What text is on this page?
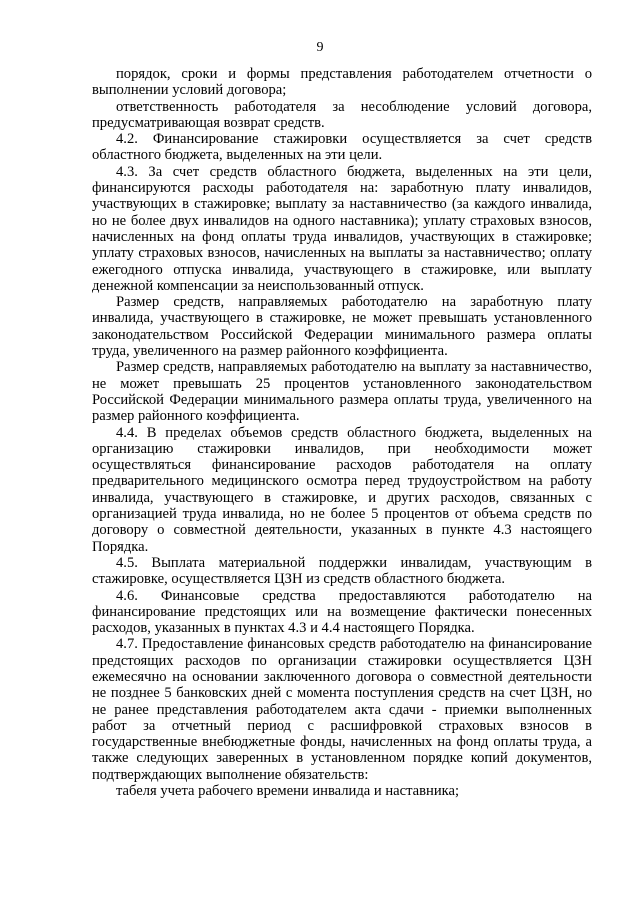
9

порядок, сроки и формы представления работодателем отчетности о выполнении условий договора;

ответственность работодателя за несоблюдение условий договора, предусматривающая возврат средств.

4.2. Финансирование стажировки осуществляется за счет средств областного бюджета, выделенных на эти цели.

4.3. За счет средств областного бюджета, выделенных на эти цели, финансируются расходы работодателя на: заработную плату инвалидов, участвующих в стажировке; выплату за наставничество (за каждого инвалида, но не более двух инвалидов на одного наставника); уплату страховых взносов, начисленных на фонд оплаты труда инвалидов, участвующих в стажировке; уплату страховых взносов, начисленных на выплаты за наставничество; оплату ежегодного отпуска инвалида, участвующего в стажировке, или выплату денежной компенсации за неиспользованный отпуск.

Размер средств, направляемых работодателю на заработную плату инвалида, участвующего в стажировке, не может превышать установленного законодательством Российской Федерации минимального размера оплаты труда, увеличенного на размер районного коэффициента.

Размер средств, направляемых работодателю на выплату за наставничество, не может превышать 25 процентов установленного законодательством Российской Федерации минимального размера оплаты труда, увеличенного на размер районного коэффициента.

4.4. В пределах объемов средств областного бюджета, выделенных на организацию стажировки инвалидов, при необходимости может осуществляться финансирование расходов работодателя на оплату предварительного медицинского осмотра перед трудоустройством на работу инвалида, участвующего в стажировке, и других расходов, связанных с организацией труда инвалида, но не более 5 процентов от объема средств по договору о совместной деятельности, указанных в пункте 4.3 настоящего Порядка.

4.5. Выплата материальной поддержки инвалидам, участвующим в стажировке, осуществляется ЦЗН из средств областного бюджета.

4.6. Финансовые средства предоставляются работодателю на финансирование предстоящих или на возмещение фактически понесенных расходов, указанных в пунктах 4.3 и 4.4 настоящего Порядка.

4.7. Предоставление финансовых средств работодателю на финансирование предстоящих расходов по организации стажировки осуществляется ЦЗН ежемесячно на основании заключенного договора о совместной деятельности не позднее 5 банковских дней с момента поступления средств на счет ЦЗН, но не ранее представления работодателем акта сдачи - приемки выполненных работ за отчетный период с расшифровкой страховых взносов в государственные внебюджетные фонды, начисленных на фонд оплаты труда, а также следующих заверенных в установленном порядке копий документов, подтверждающих выполнение обязательств:

табеля учета рабочего времени инвалида и наставника;
